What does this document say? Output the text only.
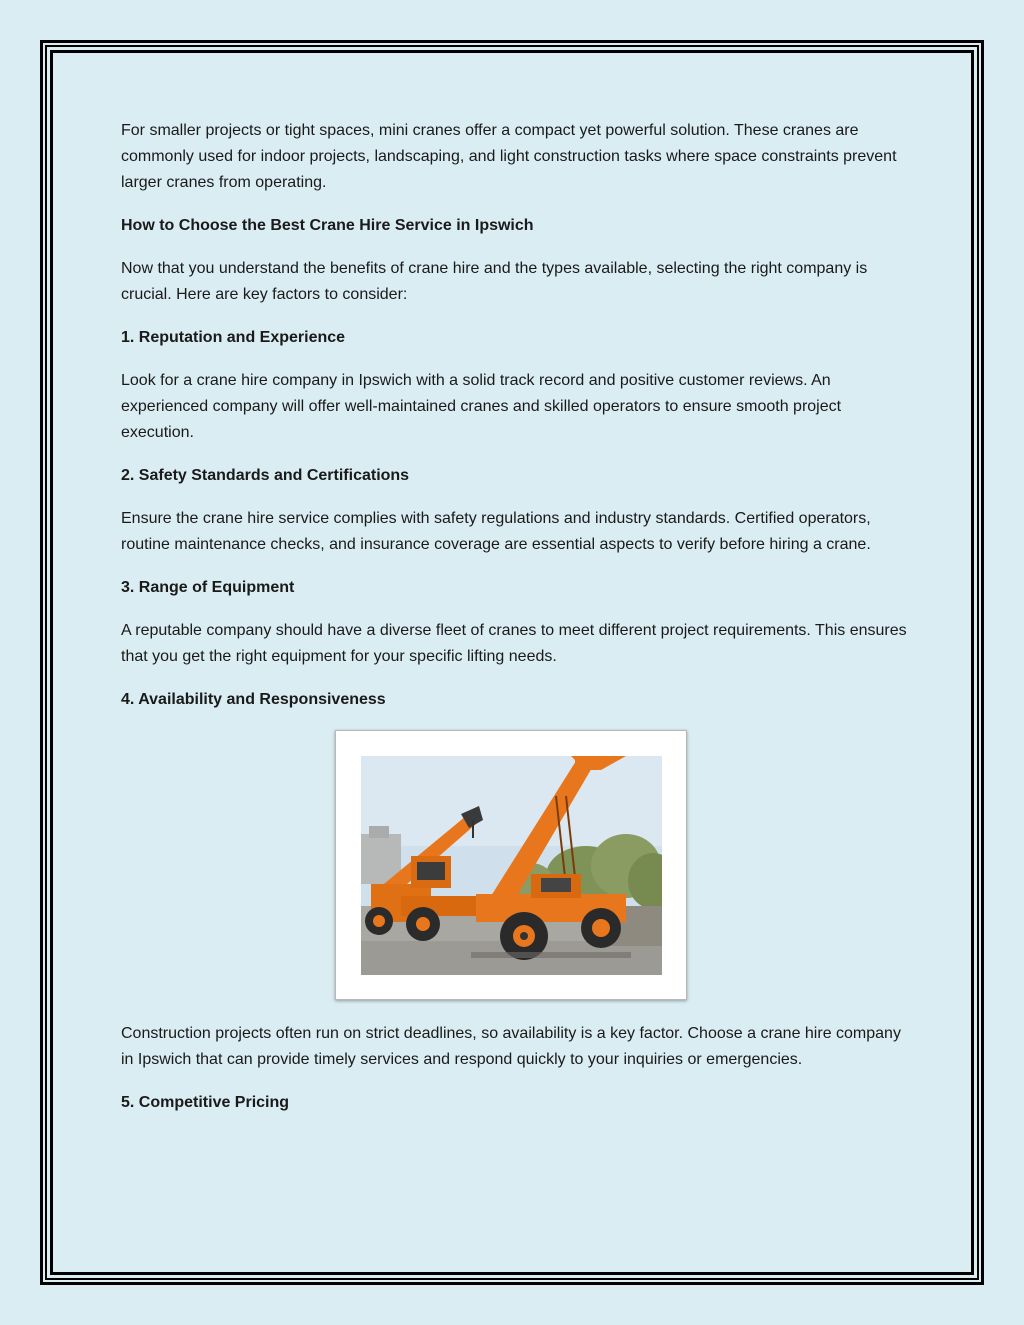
For smaller projects or tight spaces, mini cranes offer a compact yet powerful solution. These cranes are commonly used for indoor projects, landscaping, and light construction tasks where space constraints prevent larger cranes from operating.

How to Choose the Best Crane Hire Service in Ipswich

Now that you understand the benefits of crane hire and the types available, selecting the right company is crucial. Here are key factors to consider:

1. Reputation and Experience

Look for a crane hire company in Ipswich with a solid track record and positive customer reviews. An experienced company will offer well-maintained cranes and skilled operators to ensure smooth project execution.

2. Safety Standards and Certifications

Ensure the crane hire service complies with safety regulations and industry standards. Certified operators, routine maintenance checks, and insurance coverage are essential aspects to verify before hiring a crane.

3. Range of Equipment

A reputable company should have a diverse fleet of cranes to meet different project requirements. This ensures that you get the right equipment for your specific lifting needs.

4. Availability and Responsiveness

Construction projects often run on strict deadlines, so availability is a key factor. Choose a crane hire company in Ipswich that can provide timely services and respond quickly to your inquiries or emergencies.

5. Competitive Pricing
